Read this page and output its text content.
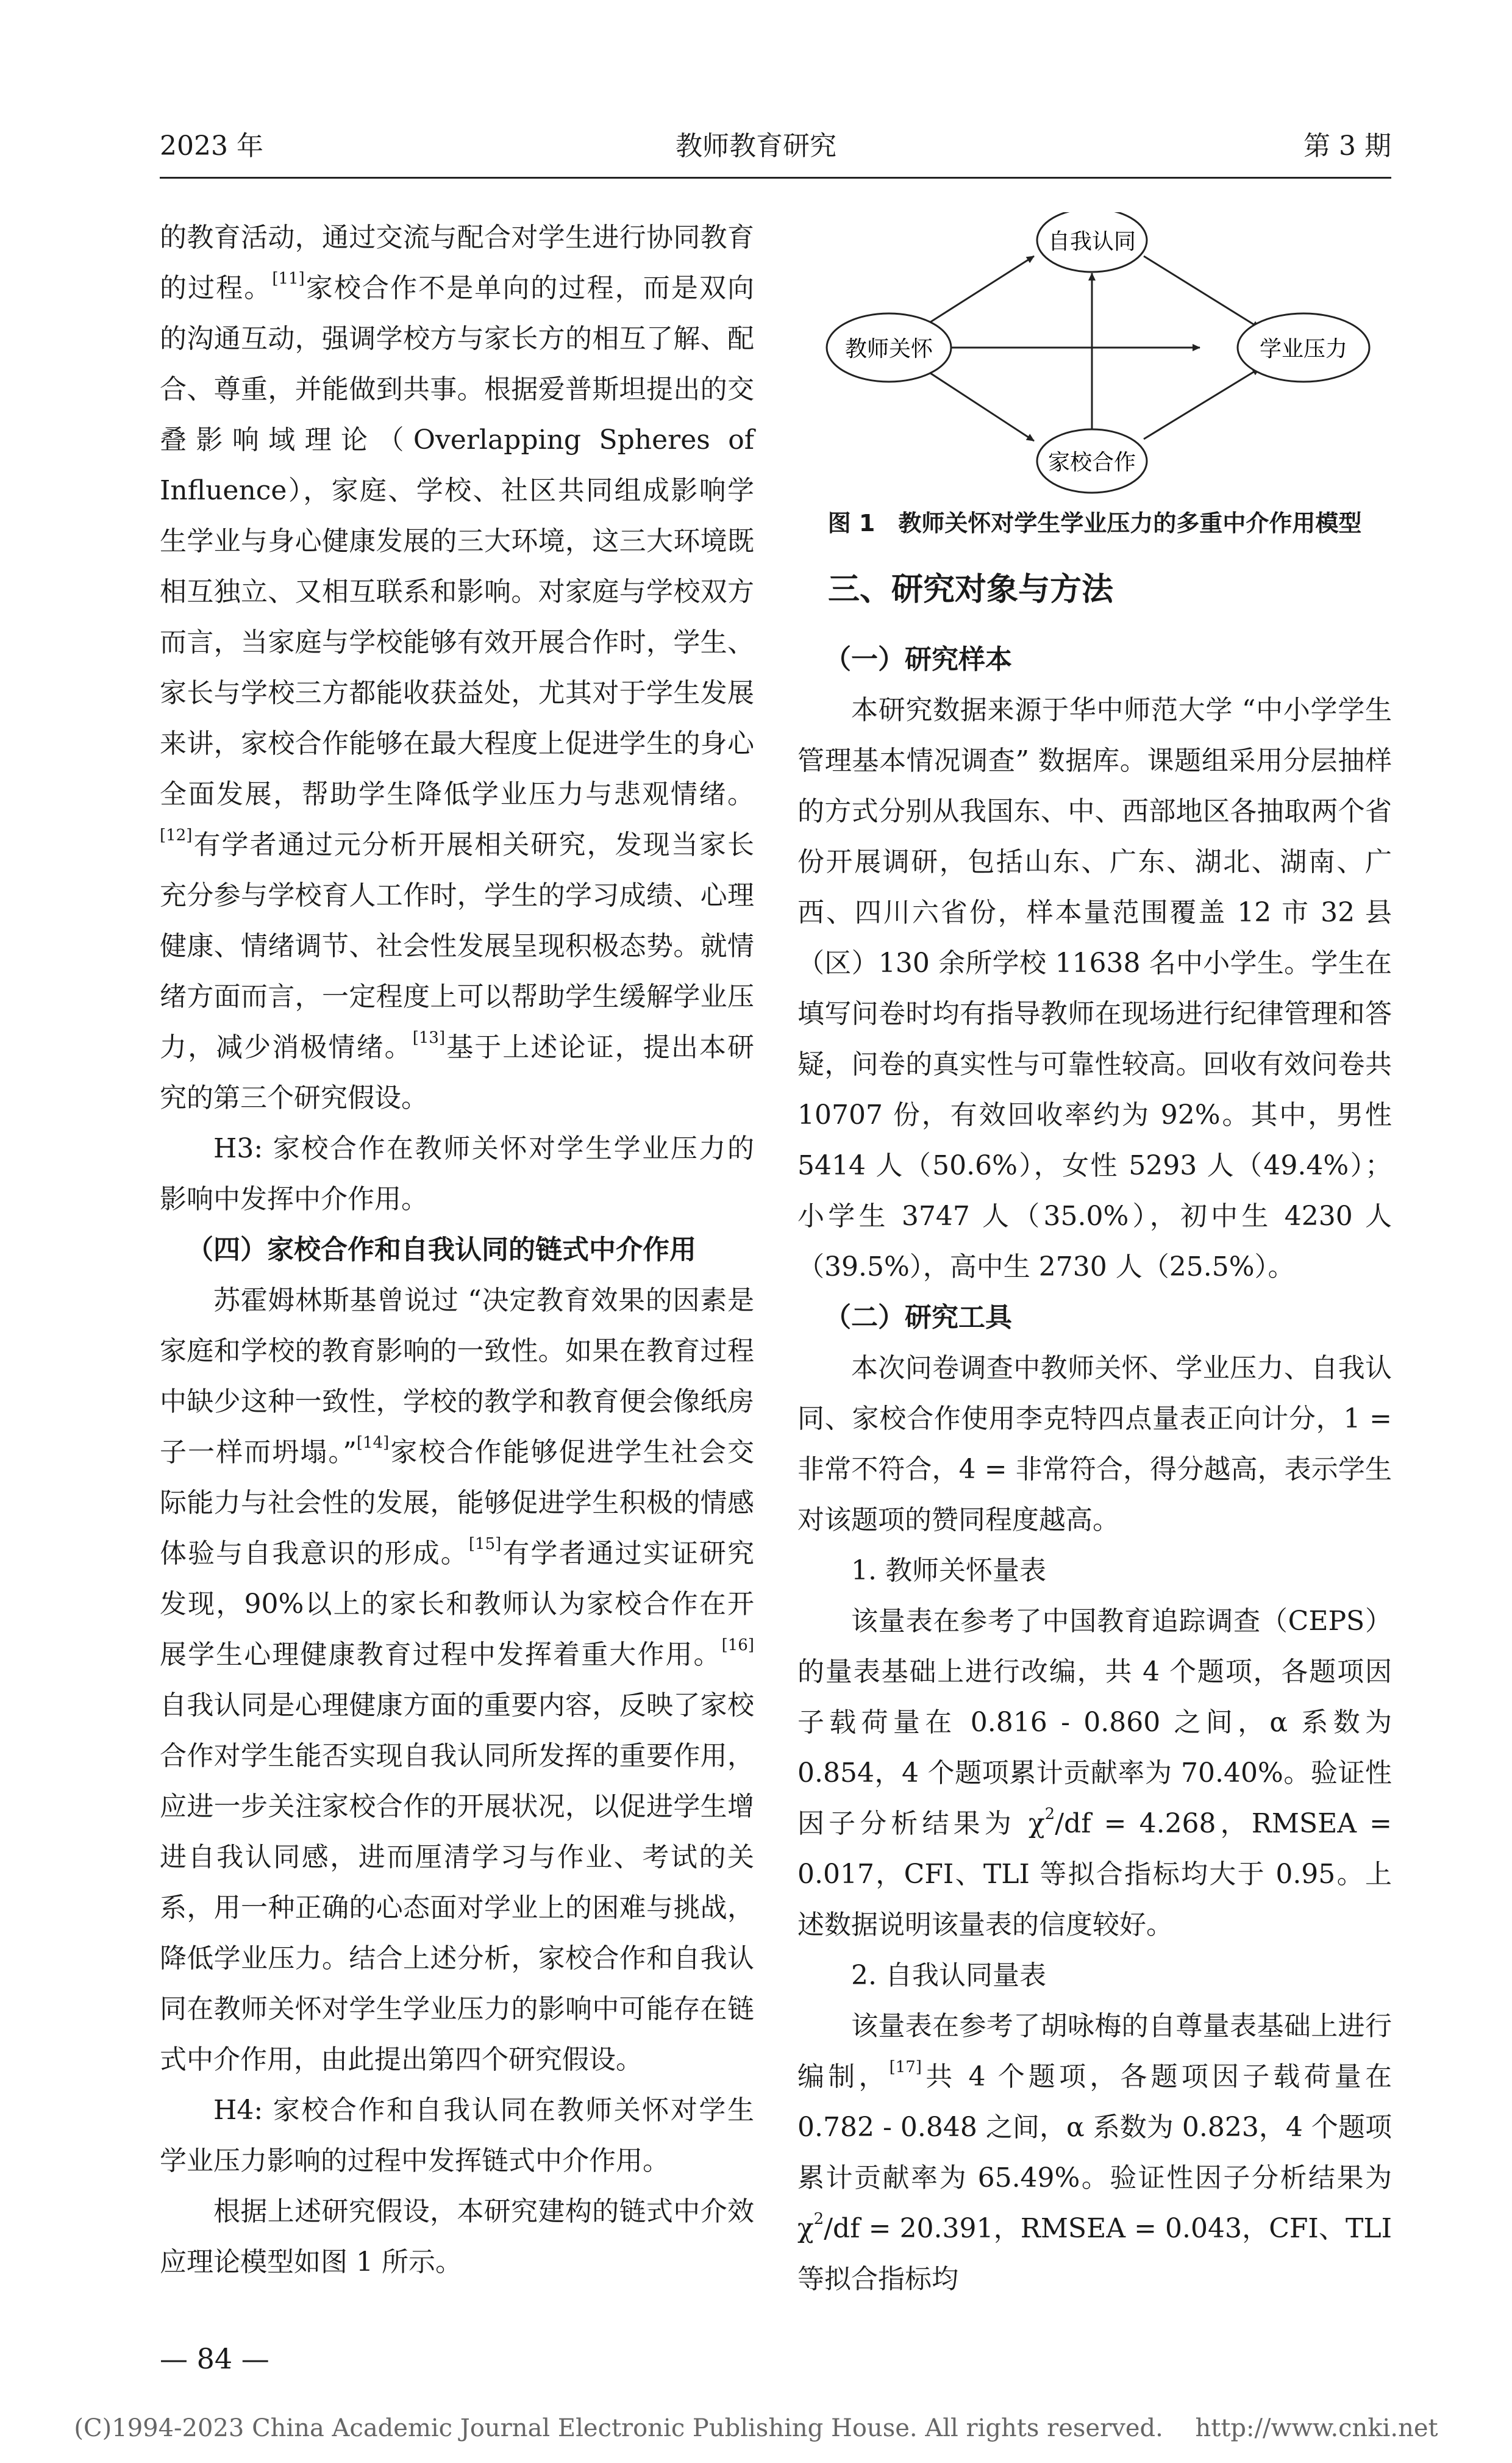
2023 年	教师教育研究	第 3 期

的教育活动，通过交流与配合对学生进行协同教育的过程。[11]家校合作不是单向的过程，而是双向的沟通互动，强调学校方与家长方的相互了解、配合、尊重，并能做到共事。根据爱普斯坦提出的交叠影响域理论（Overlapping Spheres of Influence），家庭、学校、社区共同组成影响学生学业与身心健康发展的三大环境，这三大环境既相互独立、又相互联系和影响。对家庭与学校双方而言，当家庭与学校能够有效开展合作时，学生、家长与学校三方都能收获益处，尤其对于学生发展来讲，家校合作能够在最大程度上促进学生的身心全面发展，帮助学生降低学业压力与悲观情绪。[12]有学者通过元分析开展相关研究，发现当家长充分参与学校育人工作时，学生的学习成绩、心理健康、情绪调节、社会性发展呈现积极态势。就情绪方面而言，一定程度上可以帮助学生缓解学业压力，减少消极情绪。[13]基于上述论证，提出本研究的第三个研究假设。

H3: 家校合作在教师关怀对学生学业压力的影响中发挥中介作用。

（四）家校合作和自我认同的链式中介作用

苏霍姆林斯基曾说过 “决定教育效果的因素是家庭和学校的教育影响的一致性。如果在教育过程中缺少这种一致性，学校的教学和教育便会像纸房子一样而坍塌。”[14]家校合作能够促进学生社会交际能力与社会性的发展，能够促进学生积极的情感体验与自我意识的形成。[15]有学者通过实证研究发现，90%以上的家长和教师认为家校合作在开展学生心理健康教育过程中发挥着重大作用。[16]自我认同是心理健康方面的重要内容，反映了家校合作对学生能否实现自我认同所发挥的重要作用，应进一步关注家校合作的开展状况，以促进学生增进自我认同感，进而厘清学习与作业、考试的关系，用一种正确的心态面对学业上的困难与挑战，降低学业压力。结合上述分析，家校合作和自我认同在教师关怀对学生学业压力的影响中可能存在链式中介作用，由此提出第四个研究假设。

H4: 家校合作和自我认同在教师关怀对学生学业压力影响的过程中发挥链式中介作用。

根据上述研究假设，本研究建构的链式中介效应理论模型如图 1 所示。

教师关怀
自我认同
家校合作
学业压力

图 1　教师关怀对学生学业压力的多重中介作用模型

三、研究对象与方法

（一）研究样本

本研究数据来源于华中师范大学 “中小学学生管理基本情况调查” 数据库。课题组采用分层抽样的方式分别从我国东、中、西部地区各抽取两个省份开展调研，包括山东、广东、湖北、湖南、广西、四川六省份，样本量范围覆盖 12 市 32 县（区）130 余所学校 11638 名中小学生。学生在填写问卷时均有指导教师在现场进行纪律管理和答疑，问卷的真实性与可靠性较高。回收有效问卷共 10707 份，有效回收率约为 92%。其中，男性 5414 人（50.6%），女性 5293 人（49.4%）；小学生 3747 人（35.0%），初中生 4230 人（39.5%），高中生 2730 人（25.5%）。

（二）研究工具

本次问卷调查中教师关怀、学业压力、自我认同、家校合作使用李克特四点量表正向计分，1 = 非常不符合，4 = 非常符合，得分越高，表示学生对该题项的赞同程度越高。

1. 教师关怀量表

该量表在参考了中国教育追踪调查（CEPS）的量表基础上进行改编，共 4 个题项，各题项因子载荷量在 0.816 - 0.860 之间，α 系数为 0.854，4 个题项累计贡献率为 70.40%。验证性因子分析结果为 $\chi^2/df = 4.268$，RMSEA = 0.017，CFI、TLI 等拟合指标均大于 0.95。上述数据说明该量表的信度较好。

2. 自我认同量表

该量表在参考了胡咏梅的自尊量表基础上进行编制，[17]共 4 个题项，各题项因子载荷量在 0.782 - 0.848 之间，α 系数为 0.823，4 个题项累计贡献率为 65.49%。验证性因子分析结果为 $\chi^2/df = 20.391$，RMSEA = 0.043，CFI、TLI 等拟合指标均

— 84 —
(C)1994-2023 China Academic Journal Electronic Publishing House. All rights reserved.　 http://www.cnki.net
